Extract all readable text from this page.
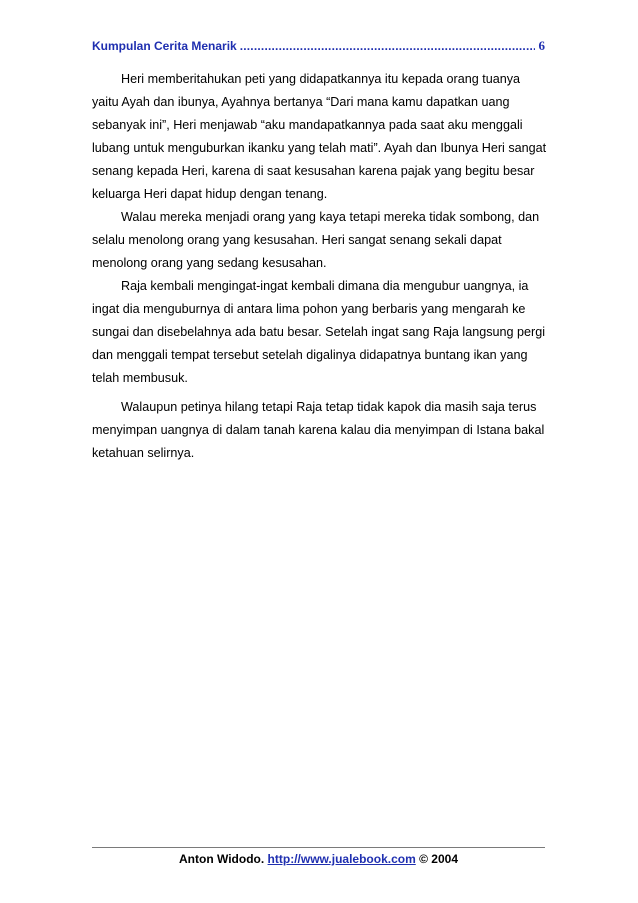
Kumpulan Cerita Menarik
.....	6

Heri memberitahukan peti yang didapatkannya itu kepada orang tuanya yaitu Ayah dan ibunya, Ayahnya bertanya “Dari mana kamu dapatkan uang sebanyak ini”, Heri menjawab “aku mandapatkannya pada saat aku menggali lubang untuk menguburkan ikanku yang telah mati”. Ayah dan Ibunya Heri sangat senang kepada Heri, karena di saat kesusahan karena pajak yang begitu besar keluarga Heri dapat hidup dengan tenang.

Walau mereka menjadi orang yang kaya tetapi mereka tidak sombong, dan selalu menolong orang yang kesusahan. Heri sangat senang sekali dapat menolong orang yang sedang kesusahan.

Raja kembali mengingat-ingat kembali dimana dia mengubur uangnya, ia ingat dia menguburnya di antara lima pohon yang berbaris yang mengarah ke sungai dan disebelahnya ada batu besar. Setelah ingat sang Raja langsung pergi dan menggali tempat tersebut setelah digalinya didapatnya buntang ikan yang telah membusuk.

Walaupun petinya hilang tetapi Raja tetap tidak kapok dia masih saja terus menyimpan uangnya di dalam tanah karena kalau dia menyimpan di Istana bakal ketahuan selirnya.

Anton Widodo. http://www.jualebook.com © 2004
